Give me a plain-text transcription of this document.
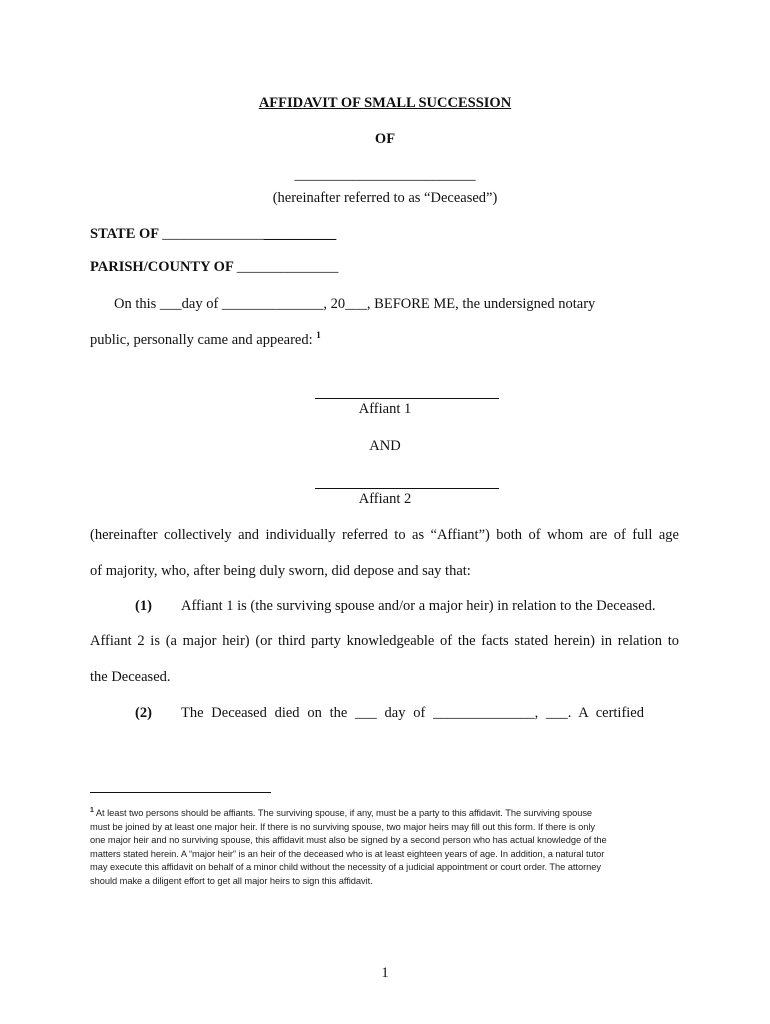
AFFIDAVIT OF SMALL SUCCESSION
OF
_________________________
(hereinafter referred to as “Deceased”)
STATE OF ________________________
PARISH/COUNTY OF ______________
On this ___day of ______________, 20___, BEFORE ME, the undersigned notary
public, personally came and appeared: $^1$
Affiant 1
AND
Affiant 2
(hereinafter collectively and individually referred to as “Affiant”) both of whom are of full age
of majority, who, after being duly sworn, did depose and say that:
(1) Affiant 1 is (the surviving spouse and/or a major heir) in relation to the Deceased.
Affiant 2 is (a major heir) (or third party knowledgeable of the facts stated herein) in relation to
the Deceased.
(2) The Deceased died on the ___ day of ______________, ___. A certified
$^1$ At least two persons should be affiants. The surviving spouse, if any, must be a party to this affidavit. The surviving spouse
must be joined by at least one major heir. If there is no surviving spouse, two major heirs may fill out this form. If there is only
one major heir and no surviving spouse, this affidavit must also be signed by a second person who has actual knowledge of the
matters stated herein. A “major heir” is an heir of the deceased who is at least eighteen years of age. In addition, a natural tutor
may execute this affidavit on behalf of a minor child without the necessity of a judicial appointment or court order. The attorney
should make a diligent effort to get all major heirs to sign this affidavit.
1
